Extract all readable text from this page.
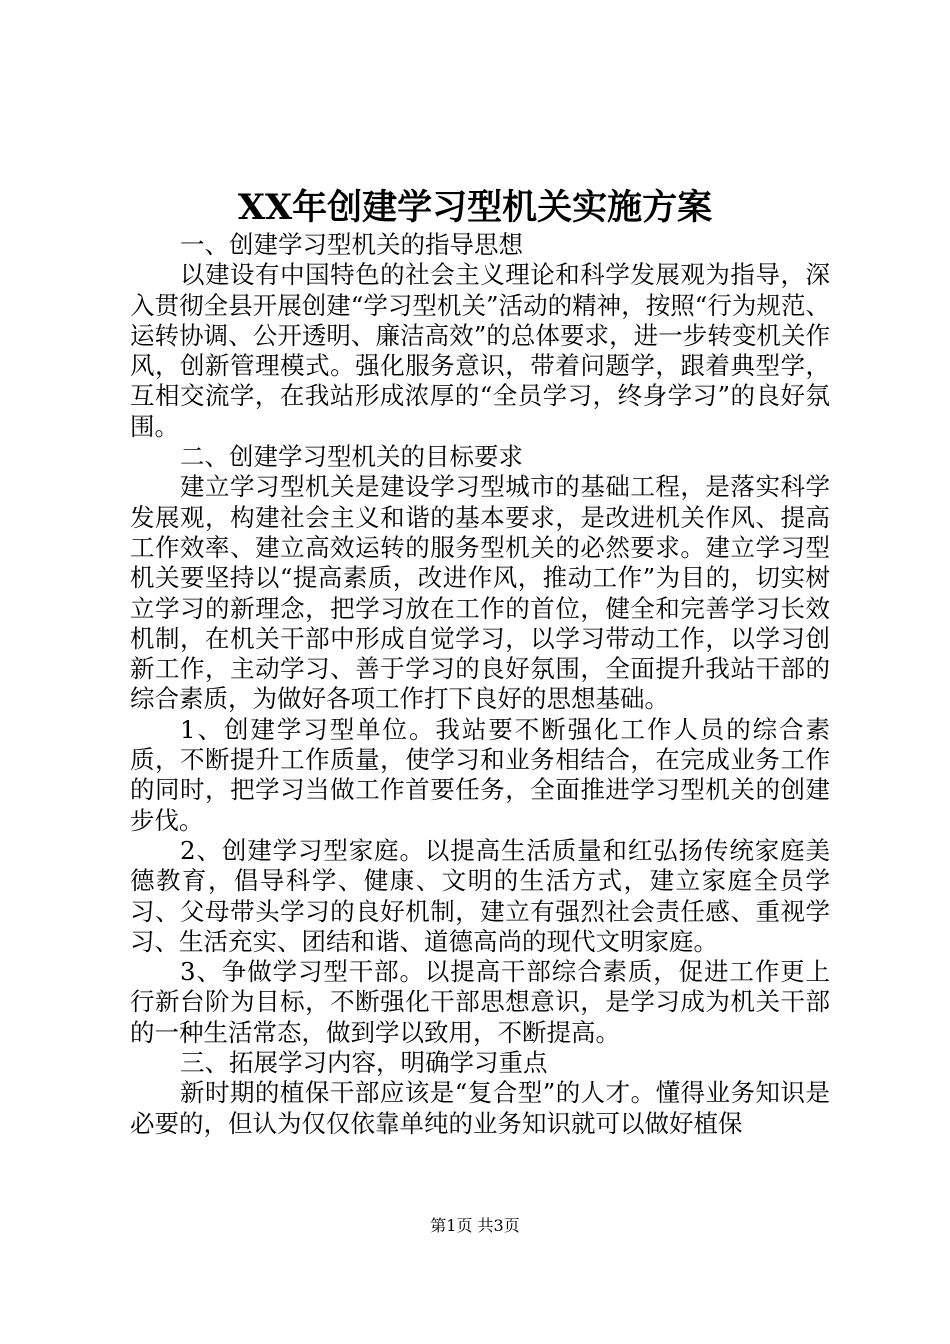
XX年创建学习型机关实施方案

一、创建学习型机关的指导思想

以建设有中国特色的社会主义理论和科学发展观为指导，深入贯彻全县开展创建“学习型机关”活动的精神，按照“行为规范、运转协调、公开透明、廉洁高效”的总体要求，进一步转变机关作风，创新管理模式。强化服务意识，带着问题学，跟着典型学，互相交流学，在我站形成浓厚的“全员学习，终身学习”的良好氛围。

二、创建学习型机关的目标要求

建立学习型机关是建设学习型城市的基础工程，是落实科学发展观，构建社会主义和谐的基本要求，是改进机关作风、提高工作效率、建立高效运转的服务型机关的必然要求。建立学习型机关要坚持以“提高素质，改进作风，推动工作”为目的，切实树立学习的新理念，把学习放在工作的首位，健全和完善学习长效机制，在机关干部中形成自觉学习，以学习带动工作，以学习创新工作，主动学习、善于学习的良好氛围，全面提升我站干部的综合素质，为做好各项工作打下良好的思想基础。

1、创建学习型单位。我站要不断强化工作人员的综合素质，不断提升工作质量，使学习和业务相结合，在完成业务工作的同时，把学习当做工作首要任务，全面推进学习型机关的创建步伐。

2、创建学习型家庭。以提高生活质量和红弘扬传统家庭美德教育，倡导科学、健康、文明的生活方式，建立家庭全员学习、父母带头学习的良好机制，建立有强烈社会责任感、重视学习、生活充实、团结和谐、道德高尚的现代文明家庭。

3、争做学习型干部。以提高干部综合素质，促进工作更上行新台阶为目标，不断强化干部思想意识，是学习成为机关干部的一种生活常态，做到学以致用，不断提高。

三、拓展学习内容，明确学习重点

新时期的植保干部应该是“复合型”的人才。懂得业务知识是必要的，但认为仅仅依靠单纯的业务知识就可以做好植保

第1页 共3页
